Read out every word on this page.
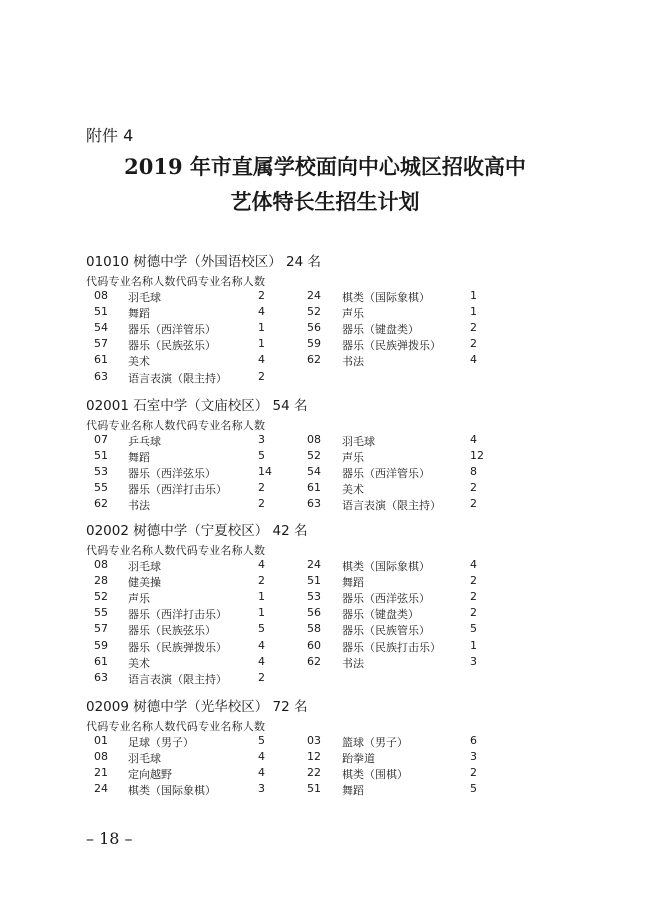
附件 4
2019 年市直属学校面向中心城区招收高中
艺体特长生招生计划
01010 树德中学（外国语校区） 24 名
代码专业名称人数代码专业名称人数
08 羽毛球	2	24 棋类（国际象棋）	1
51 舞蹈	4	52 声乐	1
54 器乐（西洋管乐）	1	56 器乐（键盘类）	2
57 器乐（民族弦乐）	1	59 器乐（民族弹拨乐）	2
61 美术	4	62 书法	4
63 语言表演（限主持）	2
02001 石室中学（文庙校区） 54 名
代码专业名称人数代码专业名称人数
07 乒乓球	3	08 羽毛球	4
51 舞蹈	5	52 声乐	12
53 器乐（西洋弦乐）	14	54 器乐（西洋管乐）	8
55 器乐（西洋打击乐）	2	61 美术	2
62 书法	2	63 语言表演（限主持）	2
02002 树德中学（宁夏校区） 42 名
代码专业名称人数代码专业名称人数
08 羽毛球	4	24 棋类（国际象棋）	4
28 健美操	2	51 舞蹈	2
52 声乐	1	53 器乐（西洋弦乐）	2
55 器乐（西洋打击乐）	1	56 器乐（键盘类）	2
57 器乐（民族弦乐）	5	58 器乐（民族管乐）	5
59 器乐（民族弹拨乐）	4	60 器乐（民族打击乐）	1
61 美术	4	62 书法	3
63 语言表演（限主持）	2
02009 树德中学（光华校区） 72 名
代码专业名称人数代码专业名称人数
01 足球（男子）	5	03 篮球（男子）	6
08 羽毛球	4	12 跆拳道	3
21 定向越野	4	22 棋类（围棋）	2
24 棋类（国际象棋）	3	51 舞蹈	5
– 18 –
